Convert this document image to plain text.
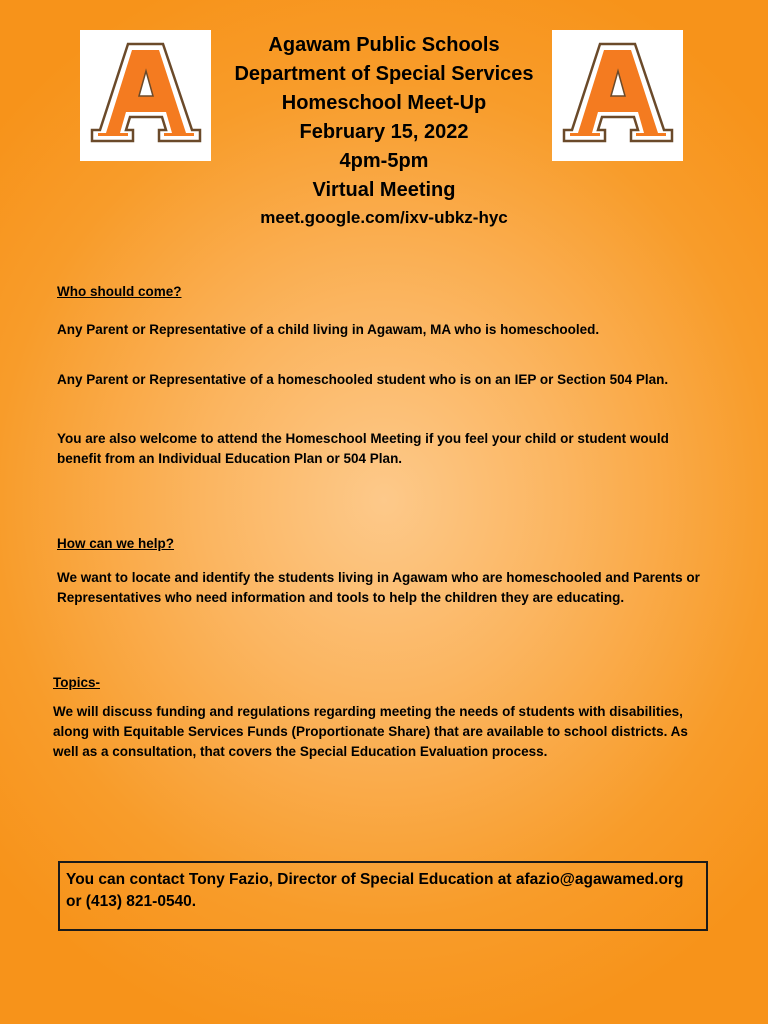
A	A
Agawam Public Schools
Department of Special Services
Homeschool Meet-Up
February 15, 2022
4pm-5pm
Virtual Meeting
meet.google.com/ixv-ubkz-hyc
Who should come?
Any Parent or Representative of a child living in Agawam, MA who is homeschooled.
Any Parent or Representative of a homeschooled student who is on an IEP or Section 504 Plan.
You are also welcome to attend the Homeschool Meeting if you feel your child or student would benefit from an Individual Education Plan or 504 Plan.
How can we help?
We want to locate and identify the students living in Agawam who are homeschooled and Parents or Representatives who need information and tools to help the children they are educating.
Topics-
We will discuss funding and regulations regarding meeting the needs of students with disabilities, along with Equitable Services Funds (Proportionate Share) that are available to school districts. As well as a consultation, that covers the Special Education Evaluation process.
You can contact Tony Fazio, Director of Special Education at afazio@agawamed.org or (413) 821-0540.
